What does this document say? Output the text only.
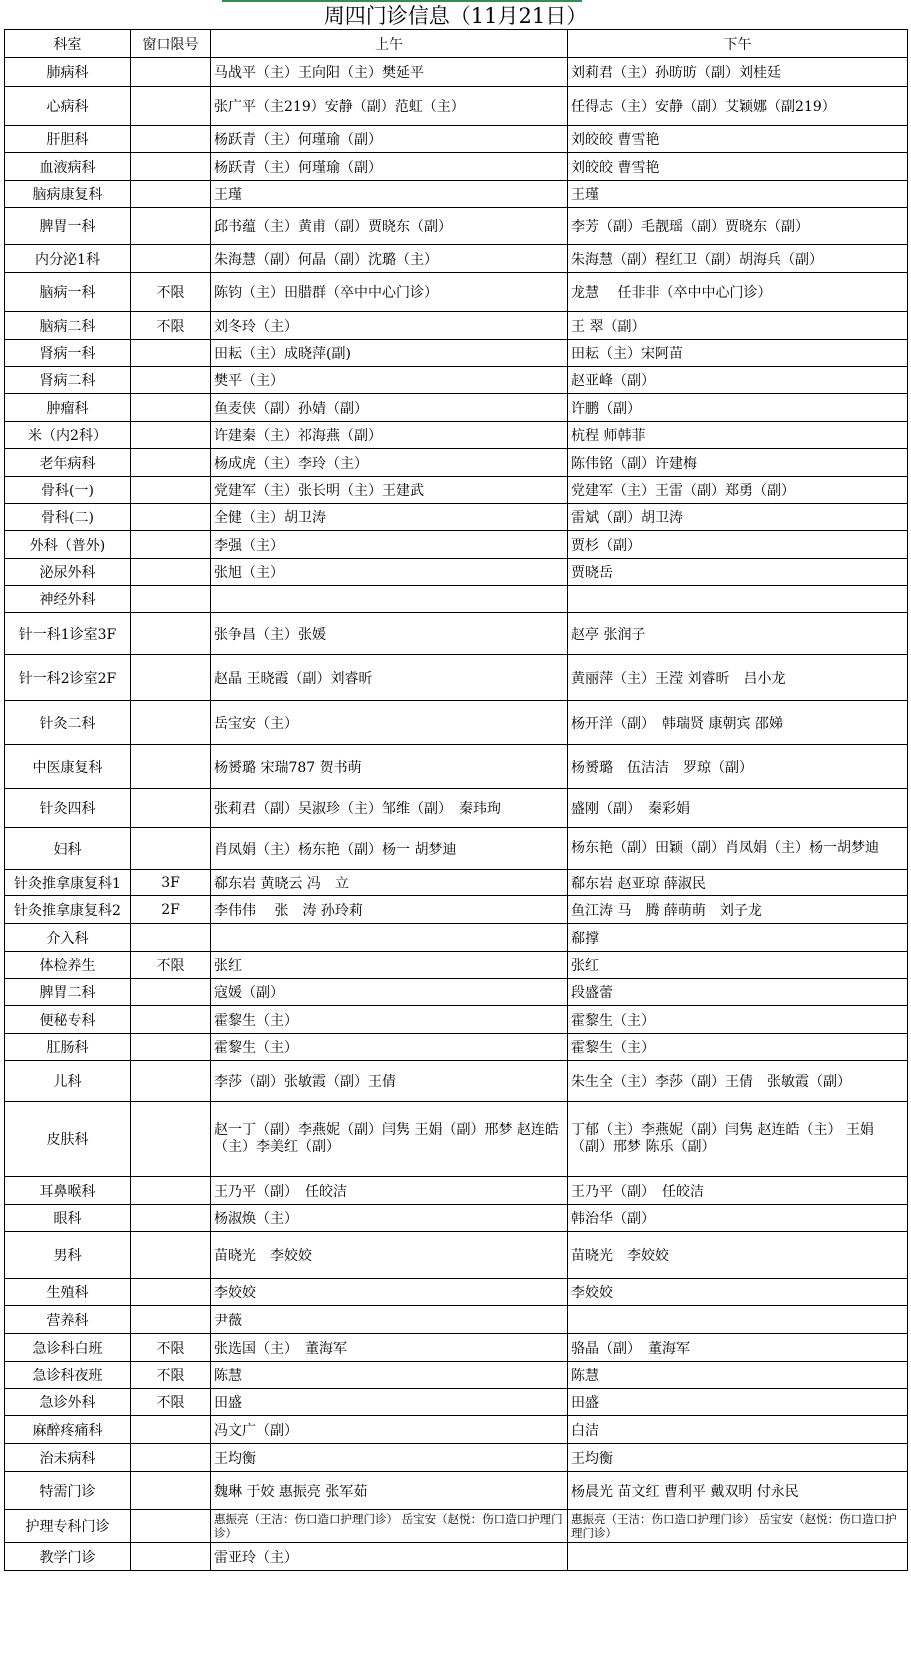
周四门诊信息（11月21日）
科室	窗口限号	上午	下午
肺病科		马战平（主）王向阳（主）樊延平	刘莉君（主）孙昉昉（副）刘桂廷
心病科		张广平（主219）安静（副）范虹（主）	任得志（主）安静（副）艾颖娜（副219）
肝胆科		杨跃青（主）何瑾瑜（副）	刘皎皎 曹雪艳
血液病科		杨跃青（主）何瑾瑜（副）	刘皎皎 曹雪艳
脑病康复科		王瑾	王瑾
脾胃一科		邱书蕴（主）黄甫（副）贾晓东（副）	李芳（副）毛靓瑶（副）贾晓东（副）
内分泌1科		朱海慧（副）何晶（副）沈璐（主）	朱海慧（副）程红卫（副）胡海兵（副）
脑病一科	不限	陈钧（主）田腊群（卒中中心门诊）	龙慧　 任非非（卒中中心门诊）
脑病二科	不限	刘冬玲（主）	王 翠（副）
肾病一科		田耘（主）成晓萍(副)	田耘（主）宋阿苗
肾病二科		樊平（主）	赵亚峰（副）
肿瘤科		鱼麦侠（副）孙婧（副）	许鹏（副）
米（内2科）		许建秦（主）祁海燕（副）	杭程 师韩菲
老年病科		杨成虎（主）李玲（主）	陈伟铭（副）许建梅
骨科(一)		党建军（主）张长明（主）王建武	党建军（主）王雷（副）郑勇（副）
骨科(二)		全健（主）胡卫涛	雷斌（副）胡卫涛
外科（普外)		李强（主）	贾杉（副）
泌尿外科		张旭（主）	贾晓岳
神经外科			
针一科1诊室3F		张争昌（主）张媛	赵亭 张润子
针一科2诊室2F		赵晶 王晓霞（副）刘睿昕	黄丽萍（主）王滢 刘睿昕　吕小龙
针灸二科		岳宝安（主）	杨开洋（副）　韩瑞贤 康朝宾 邵娣
中医康复科		杨赟璐 宋瑞787 贺书萌	杨赟璐　伍洁洁　罗琼（副）
针灸四科		张莉君（副）吴淑珍（主）邹维（副）　秦玮珣	盛刚（副）　秦彩娟
妇科		肖凤娟（主）杨东艳（副）杨一 胡梦迪	杨东艳（副）田颖（副）肖凤娟（主）杨一胡梦迪
针灸推拿康复科1	3F	郗东岩 黄晓云 冯　立	郗东岩 赵亚琼 薛淑民
针灸推拿康复科2	2F	李伟伟　 张　涛 孙玲莉	鱼江涛 马　腾 薛萌萌　刘子龙
介入科			郗撑
体检养生	不限	张红	张红
脾胃二科		寇媛（副）	段盛蕾
便秘专科		霍黎生（主）	霍黎生（主）
肛肠科		霍黎生（主）	霍黎生（主）
儿科		李莎（副）张敏霞（副）王倩	朱生全（主）李莎（副）王倩　张敏霞（副）
皮肤科		赵一丁（副）李燕妮（副）闫隽 王娟（副）邢梦 赵连皓（主）李美红（副）	丁郁（主）李燕妮（副）闫隽 赵连皓（主） 王娟（副）邢梦 陈乐（副）
耳鼻喉科		王乃平（副）　任皎洁	王乃平（副）　任皎洁
眼科		杨淑焕（主）	韩治华（副）
男科		苗晓光　李姣姣	苗晓光　李姣姣
生殖科		李姣姣	李姣姣
营养科		尹薇	
急诊科白班	不限	张选国（主）　董海军	骆晶（副）　董海军
急诊科夜班	不限	陈慧	陈慧
急诊外科	不限	田盛	田盛
麻醉疼痛科		冯文广（副）	白洁
治未病科		王均衡	王均衡
特需门诊		魏琳 于姣 惠振亮 张军茹	杨晨光 苗文红 曹利平 戴双明 付永民
护理专科门诊		惠振亮（王洁：伤口造口护理门诊） 岳宝安（赵悦：伤口造口护理门诊）	惠振亮（王洁：伤口造口护理门诊） 岳宝安（赵悦：伤口造口护理门诊）
教学门诊		雷亚玲（主）	
